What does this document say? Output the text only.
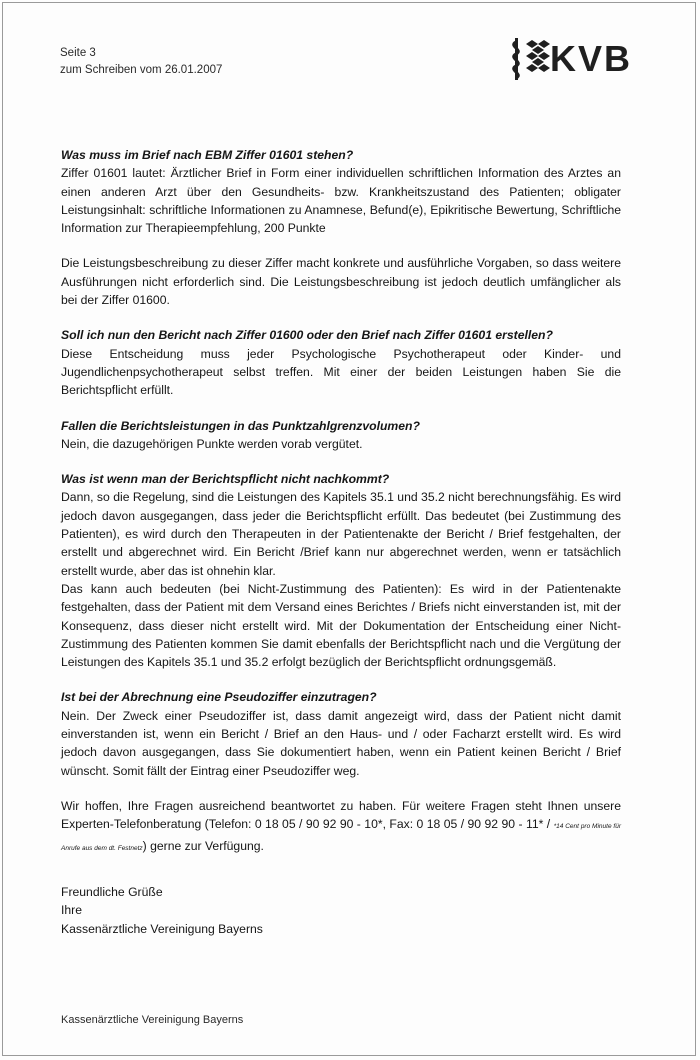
Seite 3
zum Schreiben vom 26.01.2007	KVB

Was muss im Brief nach EBM Ziffer 01601 stehen?

Ziffer 01601 lautet: Ärztlicher Brief in Form einer individuellen schriftlichen Information des Arztes an einen anderen Arzt über den Gesundheits- bzw. Krankheitszustand des Patienten; obligater Leistungsinhalt: schriftliche Informationen zu Anamnese, Befund(e), Epikritische Bewertung, Schriftliche Information zur Therapieempfehlung, 200 Punkte

Die Leistungsbeschreibung zu dieser Ziffer macht konkrete und ausführliche Vorgaben, so dass weitere Ausführungen nicht erforderlich sind. Die Leistungsbeschreibung ist jedoch deutlich umfänglicher als bei der Ziffer 01600.

Soll ich nun den Bericht nach Ziffer 01600 oder den Brief nach Ziffer 01601 erstellen?

Diese Entscheidung muss jeder Psychologische Psychotherapeut oder Kinder- und Jugendlichenpsychotherapeut selbst treffen. Mit einer der beiden Leistungen haben Sie die Berichtspflicht erfüllt.

Fallen die Berichtsleistungen in das Punktzahlgrenzvolumen?

Nein, die dazugehörigen Punkte werden vorab vergütet.

Was ist wenn man der Berichtspflicht nicht nachkommt?

Dann, so die Regelung, sind die Leistungen des Kapitels 35.1 und 35.2 nicht berechnungsfähig. Es wird jedoch davon ausgegangen, dass jeder die Berichtspflicht erfüllt. Das bedeutet (bei Zustimmung des Patienten), es wird durch den Therapeuten in der Patientenakte der Bericht / Brief festgehalten, der erstellt und abgerechnet wird. Ein Bericht /Brief kann nur abgerechnet werden, wenn er tatsächlich erstellt wurde, aber das ist ohnehin klar.

Das kann auch bedeuten (bei Nicht-Zustimmung des Patienten): Es wird in der Patientenakte festgehalten, dass der Patient mit dem Versand eines Berichtes / Briefs nicht einverstanden ist, mit der Konsequenz, dass dieser nicht erstellt wird. Mit der Dokumentation der Entscheidung einer Nicht-Zustimmung des Patienten kommen Sie damit ebenfalls der Berichtspflicht nach und die Vergütung der Leistungen des Kapitels 35.1 und 35.2 erfolgt bezüglich der Berichtspflicht ordnungsgemäß.

Ist bei der Abrechnung eine Pseudoziffer einzutragen?

Nein. Der Zweck einer Pseudoziffer ist, dass damit angezeigt wird, dass der Patient nicht damit einverstanden ist, wenn ein Bericht / Brief an den Haus- und / oder Facharzt erstellt wird. Es wird jedoch davon ausgegangen, dass Sie dokumentiert haben, wenn ein Patient keinen Bericht / Brief wünscht. Somit fällt der Eintrag einer Pseudoziffer weg.

Wir hoffen, Ihre Fragen ausreichend beantwortet zu haben. Für weitere Fragen steht Ihnen unsere Experten-Telefonberatung (Telefon: 0 18 05 / 90 92 90 - 10*, Fax: 0 18 05 / 90 92 90 - 11* / *14 Cent pro Minute für Anrufe aus dem dt. Festnetz) gerne zur Verfügung.

Freundliche Grüße
Ihre
Kassenärztliche Vereinigung Bayerns
Kassenärztliche Vereinigung Bayerns
